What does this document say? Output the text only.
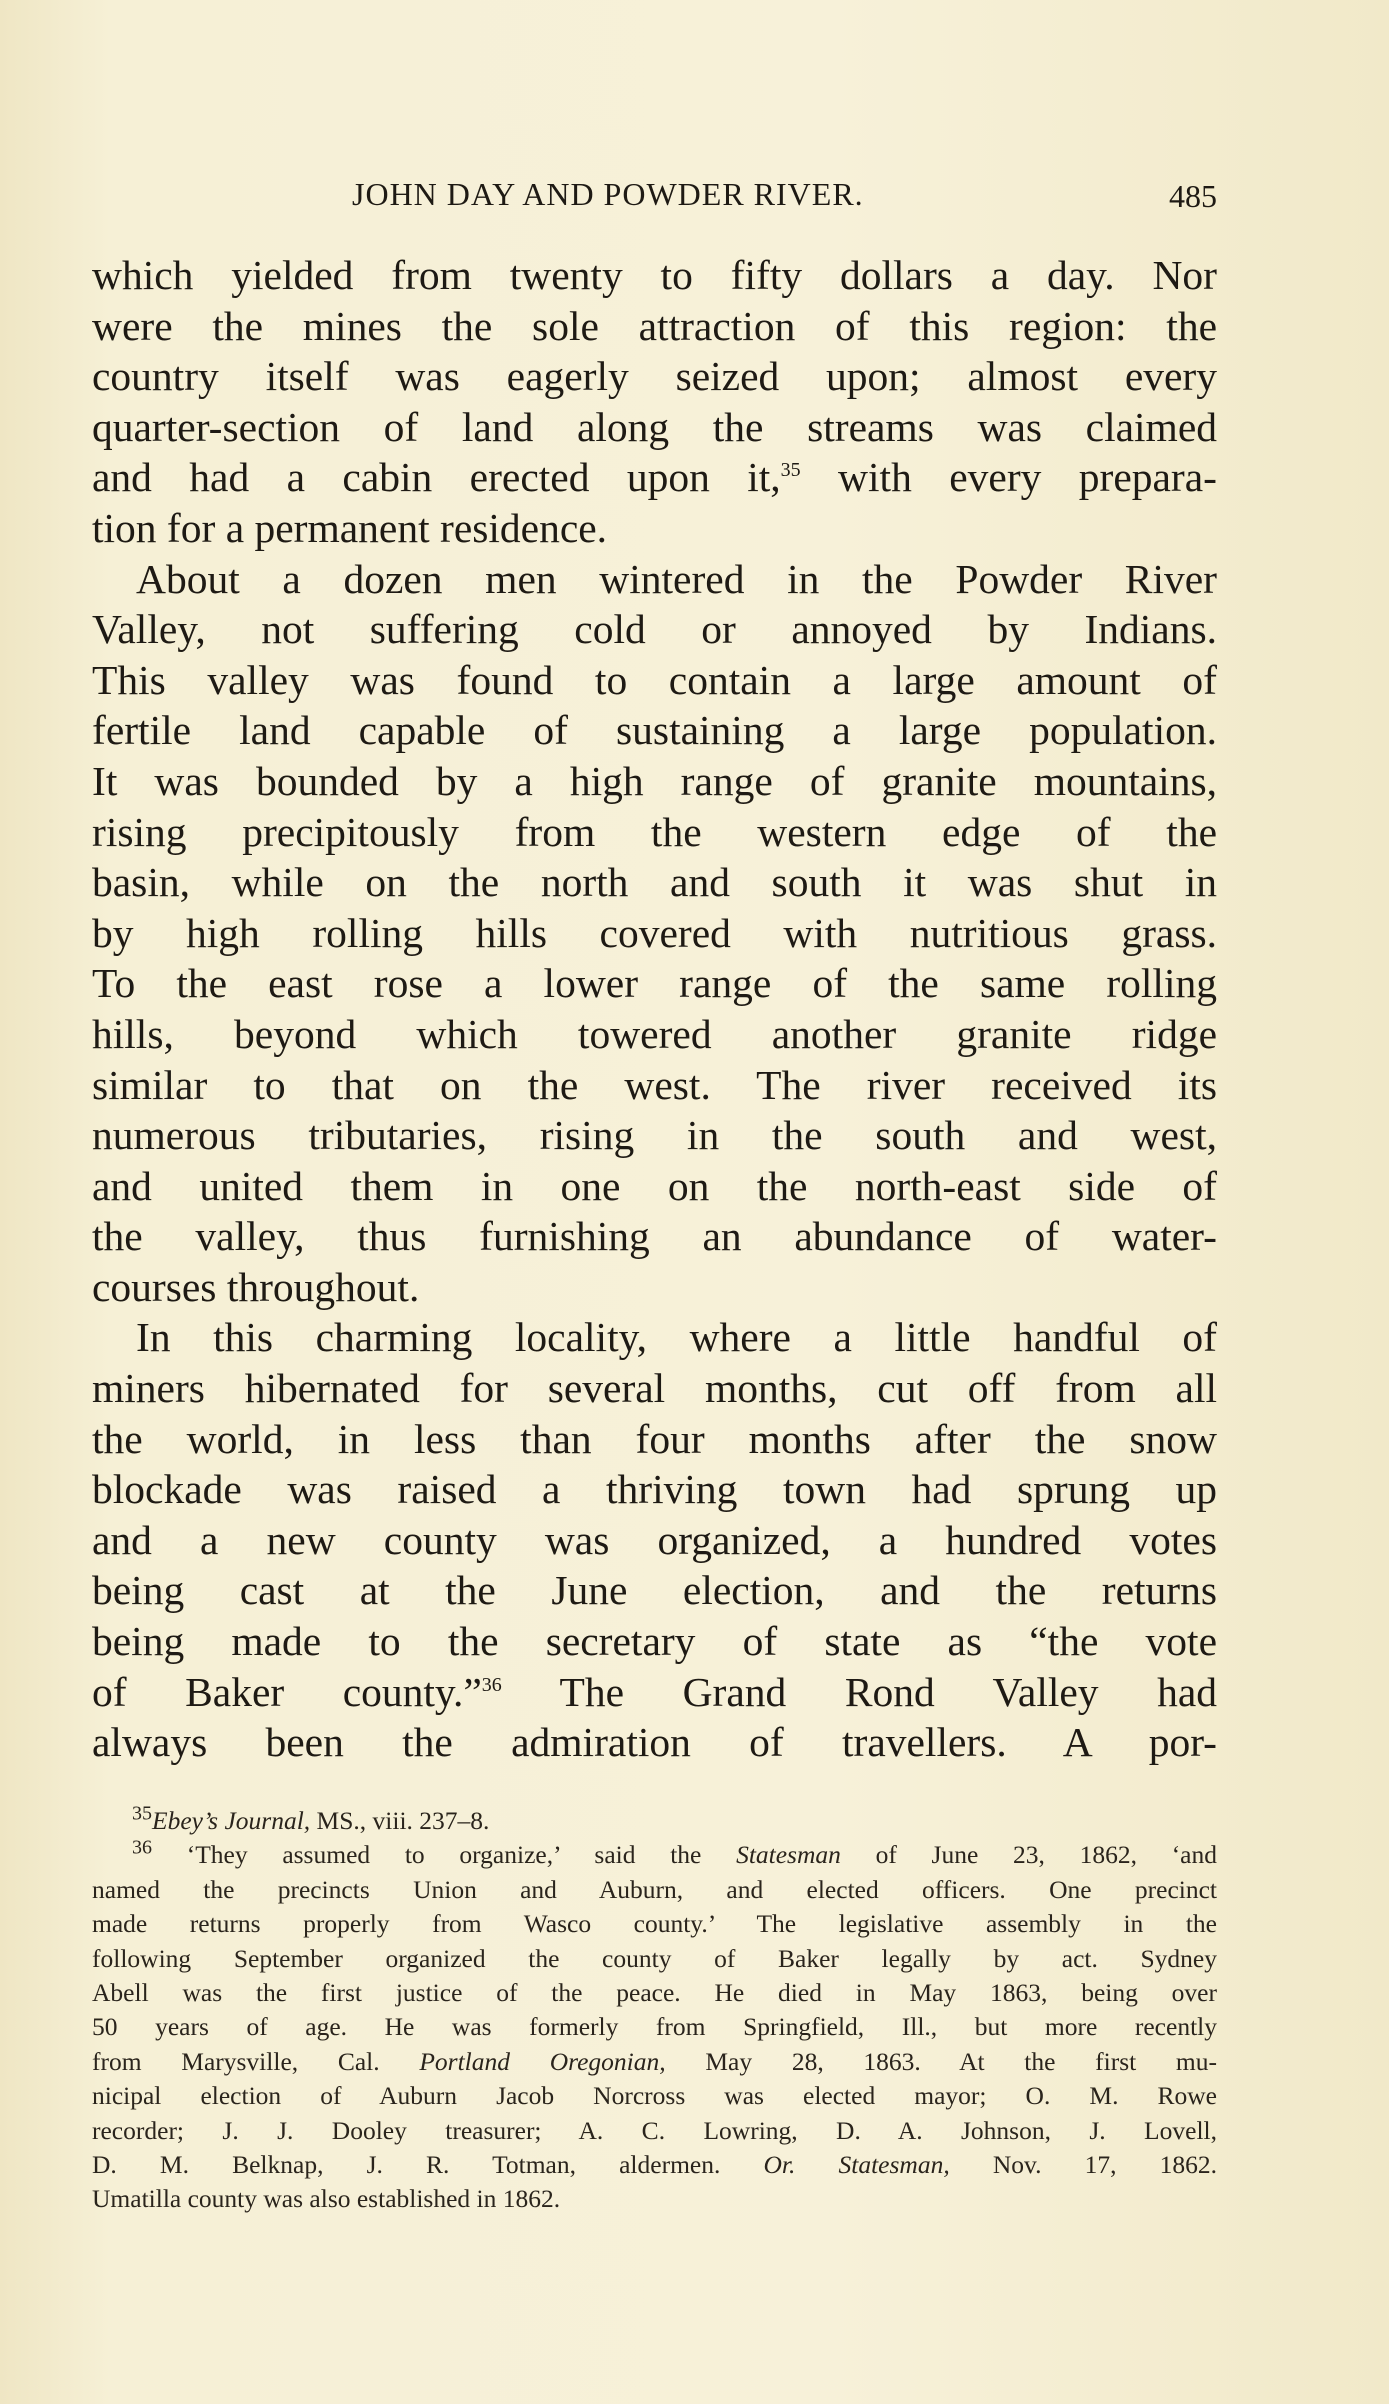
JOHN DAY AND POWDER RIVER.	485
which yielded from twenty to fifty dollars a day. Nor
were the mines the sole attraction of this region: the
country itself was eagerly seized upon; almost every
quarter-section of land along the streams was claimed
and had a cabin erected upon it,$^{35}$ with every prepara-
tion for a permanent residence.
About a dozen men wintered in the Powder River
Valley, not suffering cold or annoyed by Indians.
This valley was found to contain a large amount of
fertile land capable of sustaining a large population.
It was bounded by a high range of granite mountains,
rising precipitously from the western edge of the
basin, while on the north and south it was shut in
by high rolling hills covered with nutritious grass.
To the east rose a lower range of the same rolling
hills, beyond which towered another granite ridge
similar to that on the west. The river received its
numerous tributaries, rising in the south and west,
and united them in one on the north-east side of
the valley, thus furnishing an abundance of water-
courses throughout.
In this charming locality, where a little handful of
miners hibernated for several months, cut off from all
the world, in less than four months after the snow
blockade was raised a thriving town had sprung up
and a new county was organized, a hundred votes
being cast at the June election, and the returns
being made to the secretary of state as “the vote
of Baker county.”$^{36}$ The Grand Rond Valley had
always been the admiration of travellers. A por-
$^{35}$Ebey’s Journal, MS., viii. 237–8.
$^{36}$ ‘They assumed to organize,’ said the Statesman of June 23, 1862, ‘and
named the precincts Union and Auburn, and elected officers. One precinct
made returns properly from Wasco county.’ The legislative assembly in the
following September organized the county of Baker legally by act. Sydney
Abell was the first justice of the peace. He died in May 1863, being over
50 years of age. He was formerly from Springfield, Ill., but more recently
from Marysville, Cal. Portland Oregonian, May 28, 1863. At the first mu-
nicipal election of Auburn Jacob Norcross was elected mayor; O. M. Rowe
recorder; J. J. Dooley treasurer; A. C. Lowring, D. A. Johnson, J. Lovell,
D. M. Belknap, J. R. Totman, aldermen. Or. Statesman, Nov. 17, 1862.
Umatilla county was also established in 1862.
